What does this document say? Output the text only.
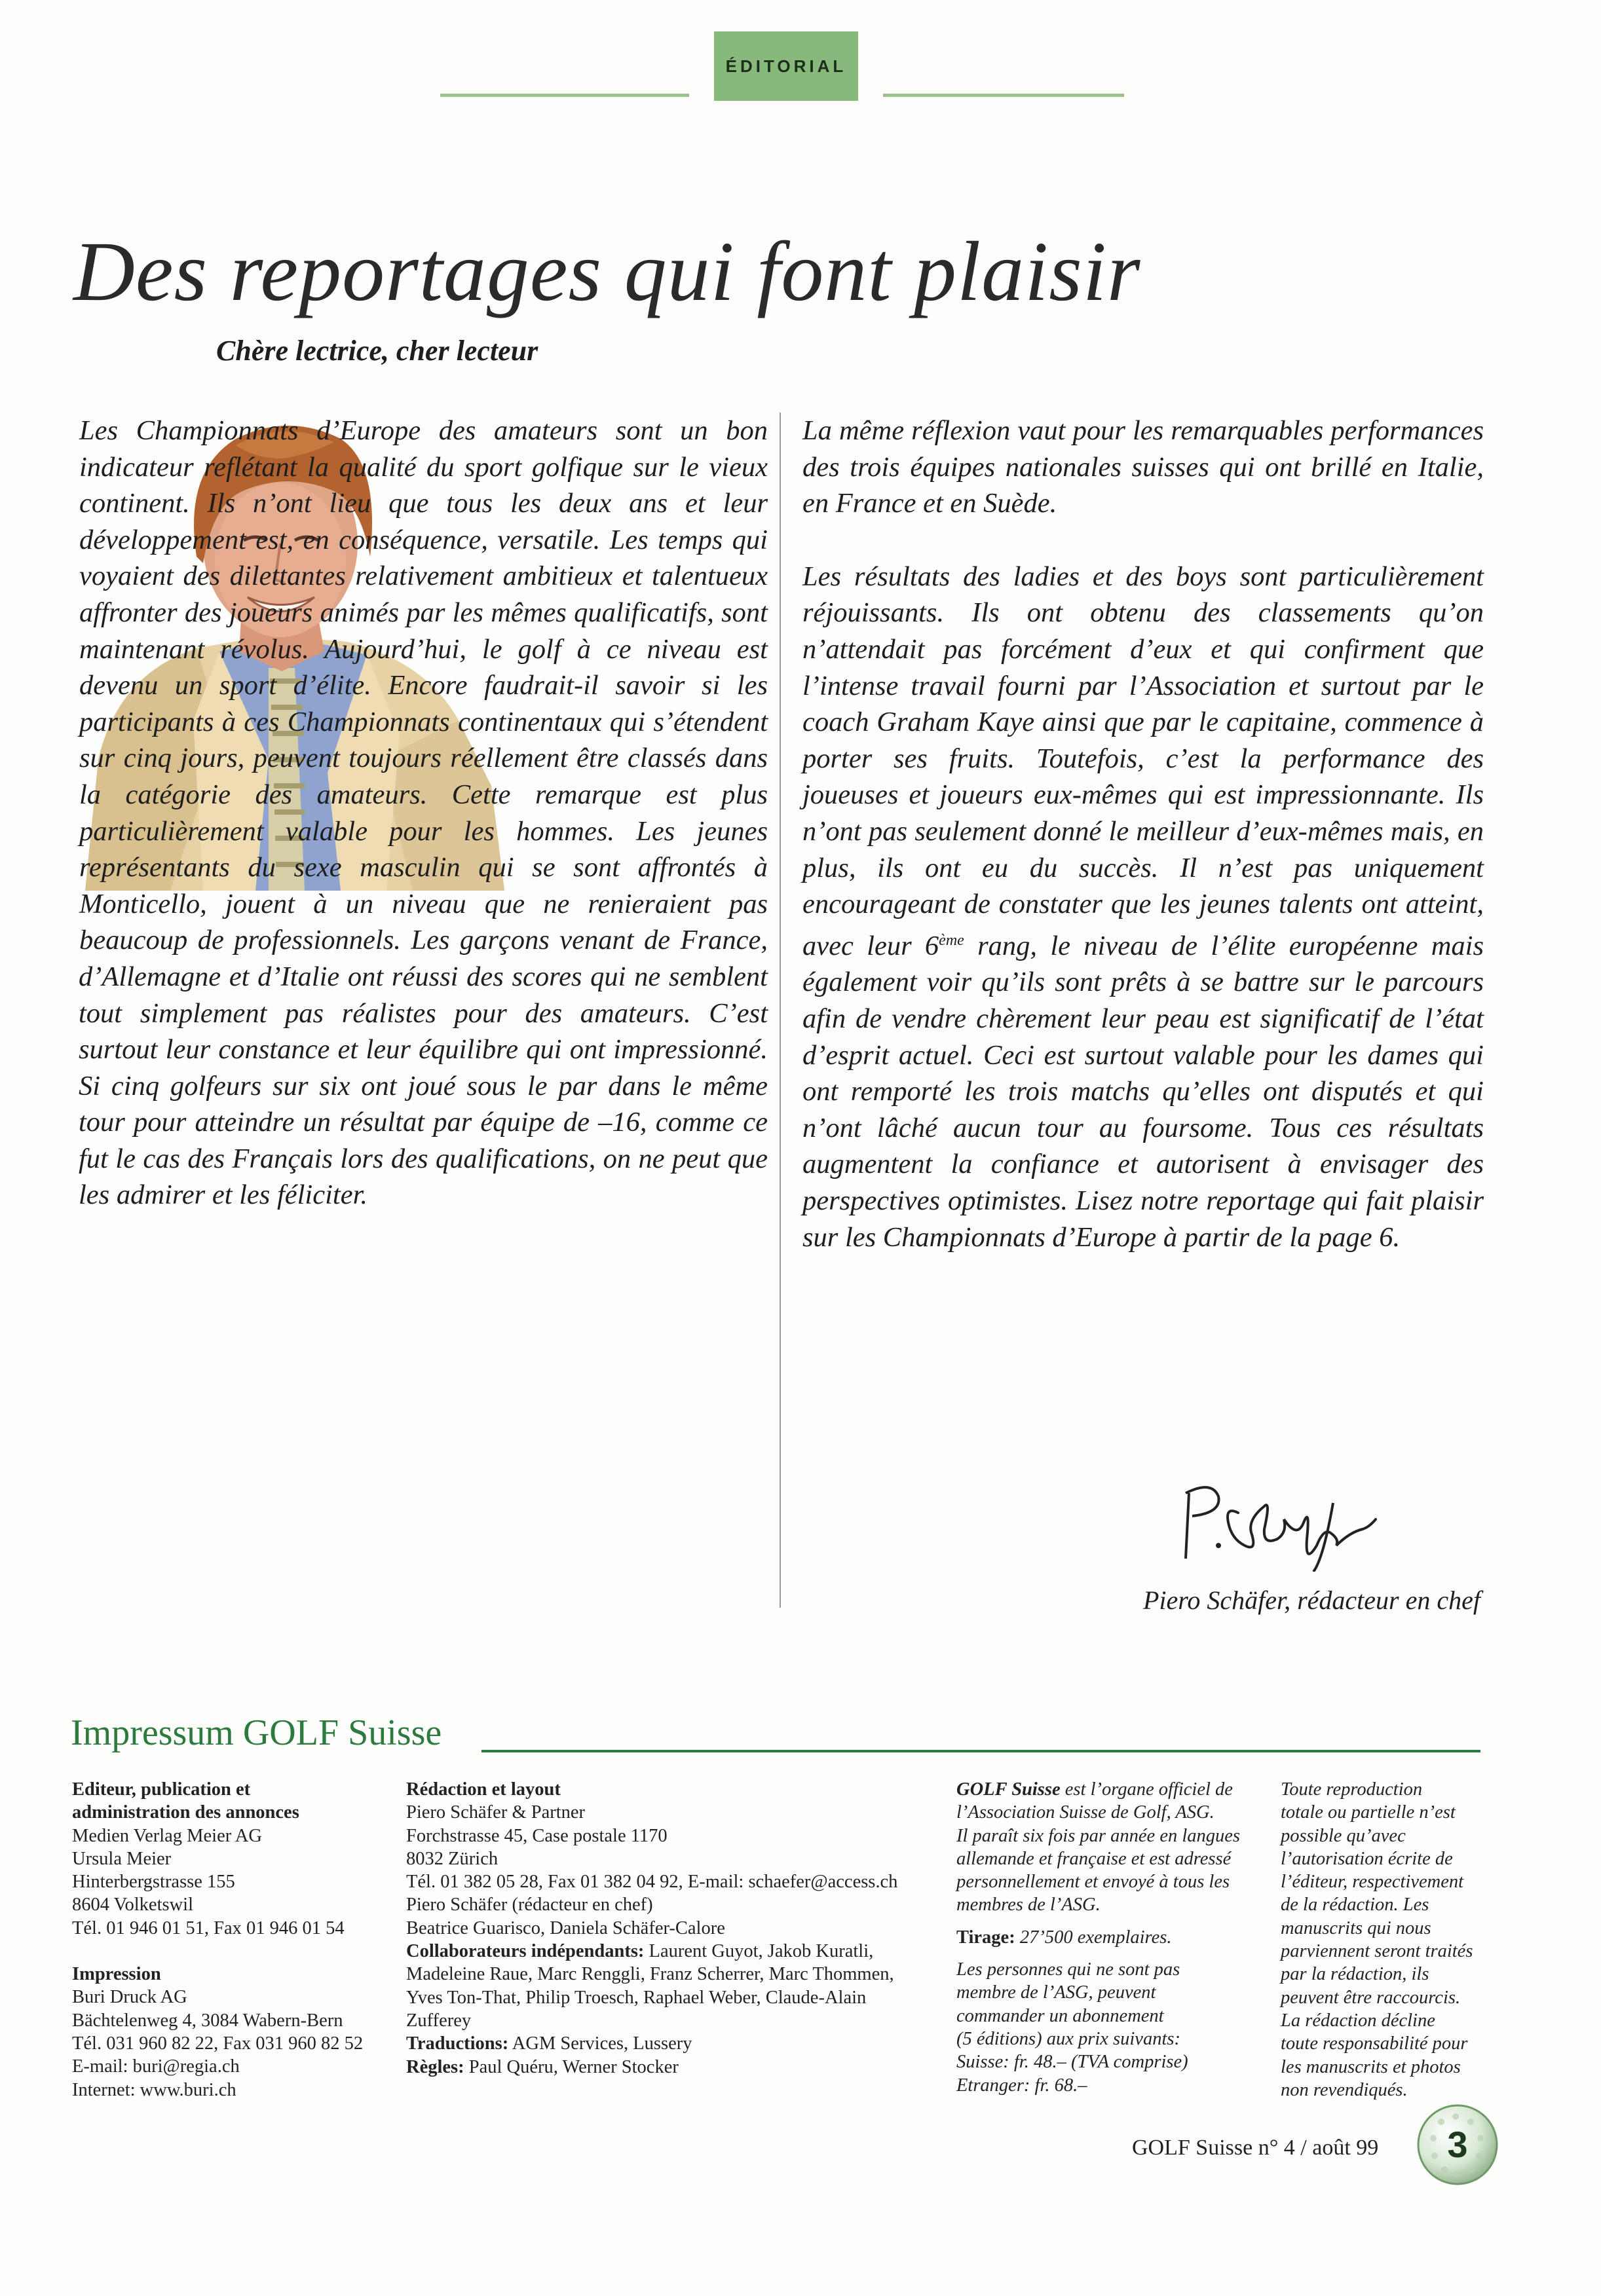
ÉDITORIAL
Des reportages qui font plaisir
Chère lectrice, cher lecteur
Les Championnats d’Europe des amateurs sont un bon indicateur reflétant la qualité du sport golfique sur le vieux continent. Ils n’ont lieu que tous les deux ans et leur développement est, en conséquence, versatile. Les temps qui voyaient des dilettantes relativement ambitieux et talentueux affronter des joueurs animés par les mêmes qualificatifs, sont maintenant révolus. Aujourd’hui, le golf à ce niveau est devenu un sport d’élite. Encore faudrait-il savoir si les participants à ces Championnats continentaux qui s’étendent sur cinq jours, peuvent toujours réellement être classés dans la catégorie des amateurs. Cette remarque est plus particulièrement valable pour les hommes. Les jeunes représentants du sexe masculin qui se sont affrontés à Monticello, jouent à un niveau que ne renieraient pas beaucoup de professionnels. Les garçons venant de France, d’Allemagne et d’Italie ont réussi des scores qui ne semblent tout simplement pas réalistes pour des amateurs. C’est surtout leur constance et leur équilibre qui ont impressionné. Si cinq golfeurs sur six ont joué sous le par dans le même tour pour atteindre un résultat par équipe de –16, comme ce fut le cas des Français lors des qualifications, on ne peut que les admirer et les féliciter.

La même réflexion vaut pour les remarquables performances des trois équipes nationales suisses qui ont brillé en Italie, en France et en Suède.

Les résultats des ladies et des boys sont particulièrement réjouissants. Ils ont obtenu des classements qu’on n’attendait pas forcément d’eux et qui confirment que l’intense travail fourni par l’Association et surtout par le coach Graham Kaye ainsi que par le capitaine, commence à porter ses fruits. Toutefois, c’est la performance des joueuses et joueurs eux-mêmes qui est impressionnante. Ils n’ont pas seulement donné le meilleur d’eux-mêmes mais, en plus, ils ont eu du succès. Il n’est pas uniquement encourageant de constater que les jeunes talents ont atteint, avec leur 6ème rang, le niveau de l’élite européenne mais également voir qu’ils sont prêts à se battre sur le parcours afin de vendre chèrement leur peau est significatif de l’état d’esprit actuel. Ceci est surtout valable pour les dames qui ont remporté les trois matchs qu’elles ont disputés et qui n’ont lâché aucun tour au foursome. Tous ces résultats augmentent la confiance et autorisent à envisager des perspectives optimistes. Lisez notre reportage qui fait plaisir sur les Championnats d’Europe à partir de la page 6.

Piero Schäfer, rédacteur en chef

Impressum GOLF Suisse
Editeur, publication et
administration des annonces
Medien Verlag Meier AG
Ursula Meier
Hinterbergstrasse 155
8604 Volketswil
Tél. 01 946 01 51, Fax 01 946 01 54
Impression
Buri Druck AG
Bächtelenweg 4, 3084 Wabern-Bern
Tél. 031 960 82 22, Fax 031 960 82 52
E-mail: buri@regia.ch
Internet: www.buri.ch
Rédaction et layout
Piero Schäfer & Partner
Forchstrasse 45, Case postale 1170
8032 Zürich
Tél. 01 382 05 28, Fax 01 382 04 92, E-mail: schaefer@access.ch
Piero Schäfer (rédacteur en chef)
Beatrice Guarisco, Daniela Schäfer-Calore
Collaborateurs indépendants: Laurent Guyot, Jakob Kuratli,
Madeleine Raue, Marc Renggli, Franz Scherrer, Marc Thommen,
Yves Ton-That, Philip Troesch, Raphael Weber, Claude-Alain
Zufferey
Traductions: AGM Services, Lussery
Règles: Paul Quéru, Werner Stocker
GOLF Suisse est l’organe officiel de
l’Association Suisse de Golf, ASG.
Il paraît six fois par année en langues
allemande et française et est adressé
personnellement et envoyé à tous les
membres de l’ASG.
Tirage: 27’500 exemplaires.
Les personnes qui ne sont pas
membre de l’ASG, peuvent
commander un abonnement
(5 éditions) aux prix suivants:
Suisse: fr. 48.– (TVA comprise)
Etranger: fr. 68.–
Toute reproduction
totale ou partielle n’est
possible qu’avec
l’autorisation écrite de
l’éditeur, respectivement
de la rédaction. Les
manuscrits qui nous
parviennent seront traités
par la rédaction, ils
peuvent être raccourcis.
La rédaction décline
toute responsabilité pour
les manuscrits et photos
non revendiqués.

GOLF Suisse n° 4 / août 99 3
